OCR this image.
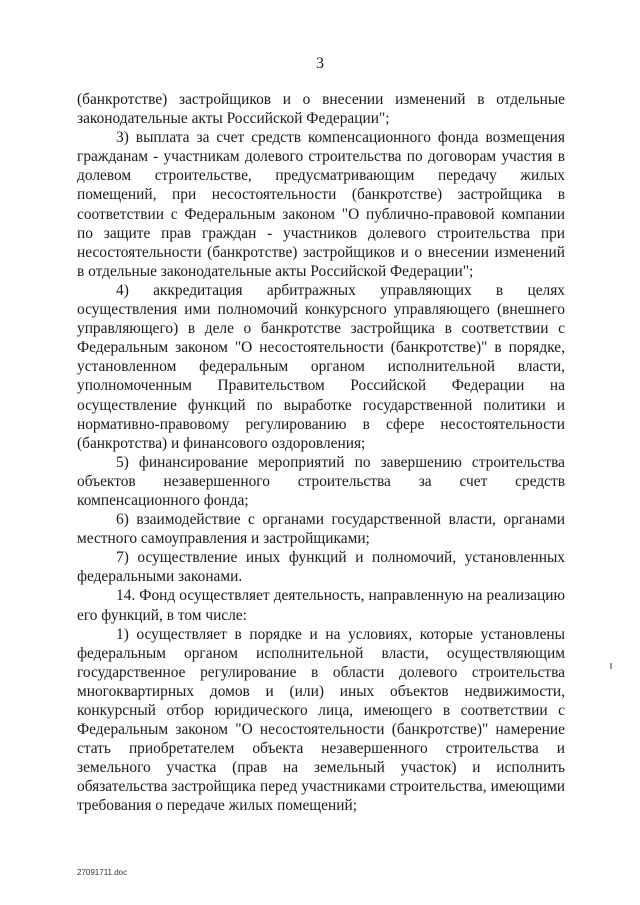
3

(банкротстве) застройщиков и о внесении изменений в отдельные законодательные акты Российской Федерации";

3) выплата за счет средств компенсационного фонда возмещения гражданам - участникам долевого строительства по договорам участия в долевом строительстве, предусматривающим передачу жилых помещений, при несостоятельности (банкротстве) застройщика в соответствии с Федеральным законом "О публично-правовой компании по защите прав граждан - участников долевого строительства при несостоятельности (банкротстве) застройщиков и о внесении изменений в отдельные законодательные акты Российской Федерации";

4) аккредитация арбитражных управляющих в целях осуществления ими полномочий конкурсного управляющего (внешнего управляющего) в деле о банкротстве застройщика в соответствии с Федеральным законом "О несостоятельности (банкротстве)" в порядке, установленном федеральным органом исполнительной власти, уполномоченным Правительством Российской Федерации на осуществление функций по выработке государственной политики и нормативно-правовому регулированию в сфере несостоятельности (банкротства) и финансового оздоровления;

5) финансирование мероприятий по завершению строительства объектов незавершенного строительства за счет средств компенсационного фонда;

6) взаимодействие с органами государственной власти, органами местного самоуправления и застройщиками;

7) осуществление иных функций и полномочий, установленных федеральными законами.

14. Фонд осуществляет деятельность, направленную на реализацию его функций, в том числе:

1) осуществляет в порядке и на условиях, которые установлены федеральным органом исполнительной власти, осуществляющим государственное регулирование в области долевого строительства многоквартирных домов и (или) иных объектов недвижимости, конкурсный отбор юридического лица, имеющего в соответствии с Федеральным законом "О несостоятельности (банкротстве)" намерение стать приобретателем объекта незавершенного строительства и земельного участка (прав на земельный участок) и исполнить обязательства застройщика перед участниками строительства, имеющими требования о передаче жилых помещений;

27091711.doc
